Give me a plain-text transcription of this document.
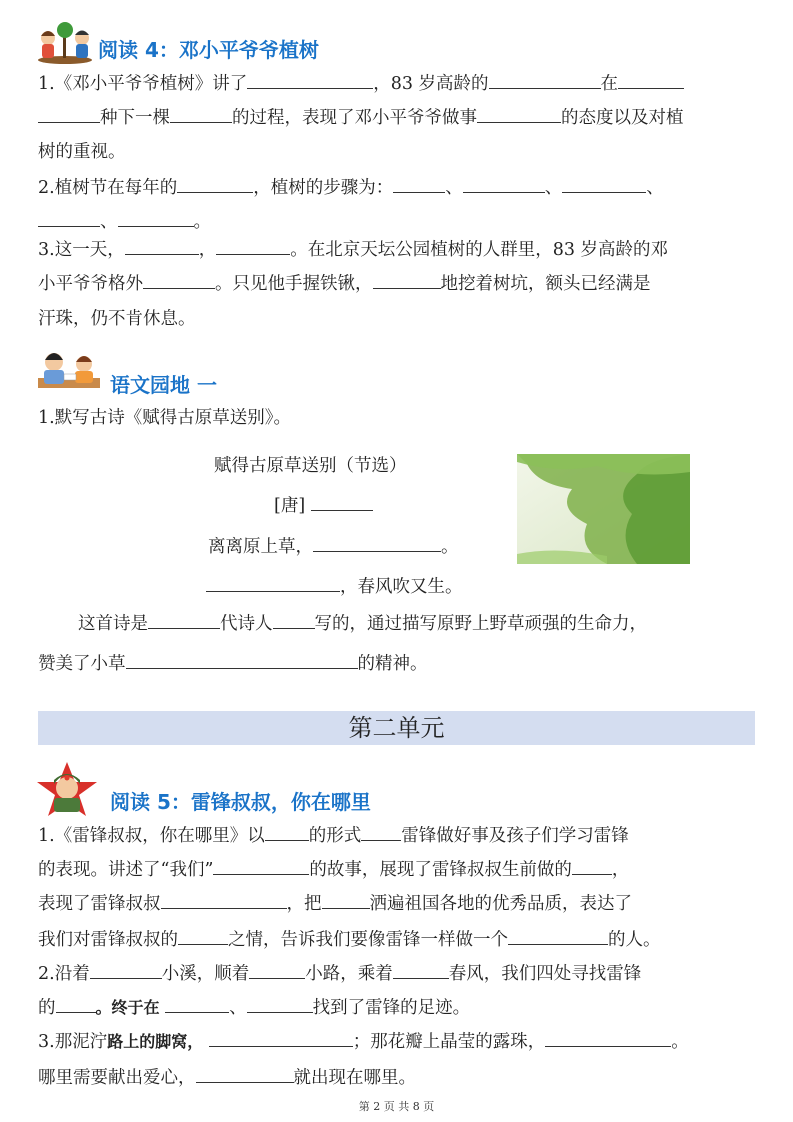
阅读 4：邓小平爷爷植树
1.《邓小平爷爷植树》讲了	，83 岁高龄的	在
种下一棵	的过程，表现了邓小平爷爷做事	的态度以及对植
树的重视。
2.植树节在每年的	，植树的步骤为：	、	、	、
、	。
3.这一天，	，	。在北京天坛公园植树的人群里，83 岁高龄的邓
小平爷爷格外	。只见他手握铁锹，	地挖着树坑，额头已经满是
汗珠，仍不肯休息。
语文园地 一
1.默写古诗《赋得古原草送别》。
赋得古原草送别（节选）
[唐]
离离原上草，	。
，春风吹又生。
这首诗是	代诗人 写的，通过描写原野上野草顽强的生命力，
赞美了小草	的精神。
第二单元
阅读 5：雷锋叔叔，你在哪里
1.《雷锋叔叔，你在哪里》以	的形式 雷锋做好事及孩子们学习雷锋
的表现。讲述了“我们”	的故事，展现了雷锋叔叔生前做的 ，
表现了雷锋叔叔	，把	洒遍祖国各地的优秀品质，表达了
我们对雷锋叔叔的	之情，告诉我们要像雷锋一样做一个	的人。
2.沿着	小溪，顺着	小路，乘着	春风，我们四处寻找雷锋
的	。终于在	、	找到了雷锋的足迹。
3.那泥泞路上的脚窝，	；那花瓣上晶莹的露珠，	。
哪里需要献出爱心，	就出现在哪里。
第 2 页 共 8 页
